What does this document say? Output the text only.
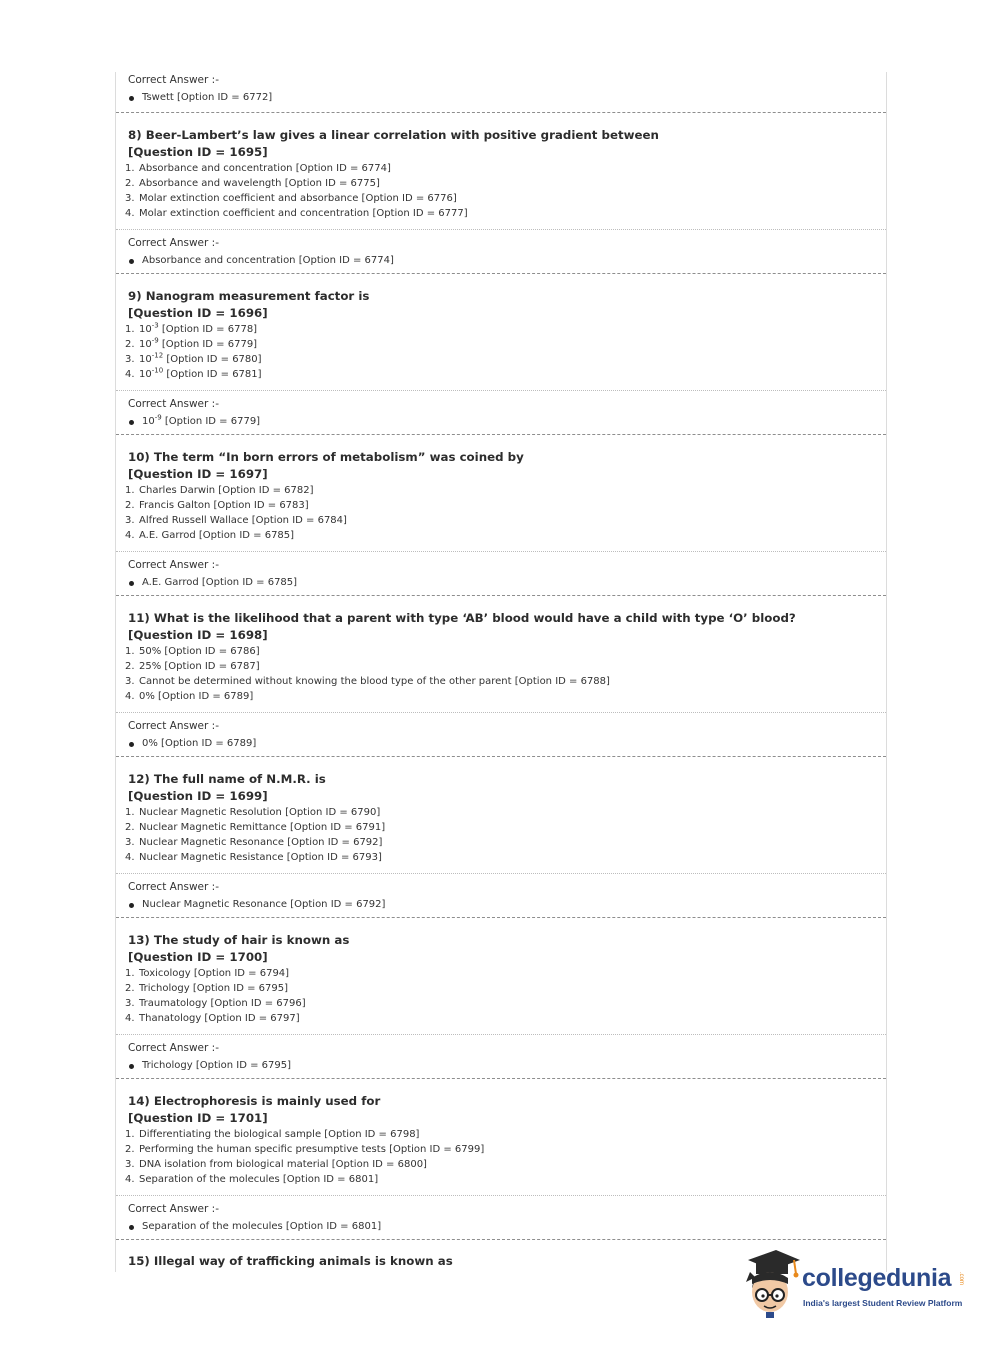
Correct Answer :-
Tswett [Option ID = 6772]
8) Beer-Lambert’s law gives a linear correlation with positive gradient between
[Question ID = 1695]
1. Absorbance and concentration [Option ID = 6774]
2. Absorbance and wavelength [Option ID = 6775]
3. Molar extinction coefficient and absorbance [Option ID = 6776]
4. Molar extinction coefficient and concentration [Option ID = 6777]
Correct Answer :-
Absorbance and concentration [Option ID = 6774]
9) Nanogram measurement factor is
[Question ID = 1696]
1. $10^{-3}$ [Option ID = 6778]
2. $10^{-9}$ [Option ID = 6779]
3. $10^{-12}$ [Option ID = 6780]
4. $10^{-10}$ [Option ID = 6781]
Correct Answer :-
$10^{-9}$ [Option ID = 6779]
10) The term “In born errors of metabolism” was coined by
[Question ID = 1697]
1. Charles Darwin [Option ID = 6782]
2. Francis Galton [Option ID = 6783]
3. Alfred Russell Wallace [Option ID = 6784]
4. A.E. Garrod [Option ID = 6785]
Correct Answer :-
A.E. Garrod [Option ID = 6785]
11) What is the likelihood that a parent with type ‘AB’ blood would have a child with type ‘O’ blood?
[Question ID = 1698]
1. 50% [Option ID = 6786]
2. 25% [Option ID = 6787]
3. Cannot be determined without knowing the blood type of the other parent [Option ID = 6788]
4. 0% [Option ID = 6789]
Correct Answer :-
0% [Option ID = 6789]
12) The full name of N.M.R. is
[Question ID = 1699]
1. Nuclear Magnetic Resolution [Option ID = 6790]
2. Nuclear Magnetic Remittance [Option ID = 6791]
3. Nuclear Magnetic Resonance [Option ID = 6792]
4. Nuclear Magnetic Resistance [Option ID = 6793]
Correct Answer :-
Nuclear Magnetic Resonance [Option ID = 6792]
13) The study of hair is known as
[Question ID = 1700]
1. Toxicology [Option ID = 6794]
2. Trichology [Option ID = 6795]
3. Traumatology [Option ID = 6796]
4. Thanatology [Option ID = 6797]
Correct Answer :-
Trichology [Option ID = 6795]
14) Electrophoresis is mainly used for
[Question ID = 1701]
1. Differentiating the biological sample [Option ID = 6798]
2. Performing the human specific presumptive tests [Option ID = 6799]
3. DNA isolation from biological material [Option ID = 6800]
4. Separation of the molecules [Option ID = 6801]
Correct Answer :-
Separation of the molecules [Option ID = 6801]
15) Illegal way of trafficking animals is known as
collegedunia .com
India's largest Student Review Platform
